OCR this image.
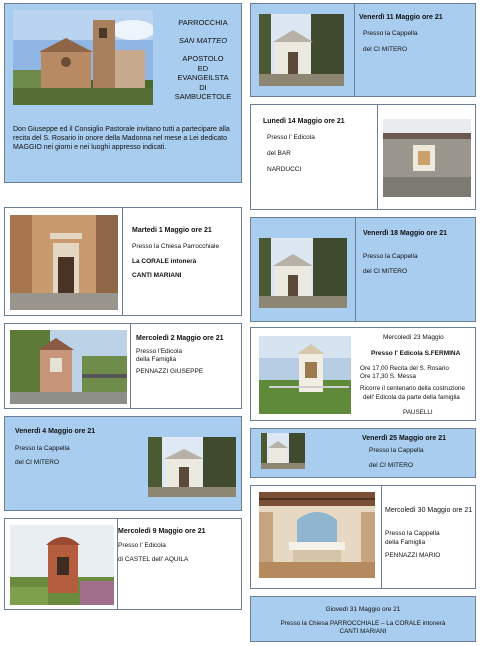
PARROCCHIA
SAN MATTEO
APOSTOLO
ED
EVANGEILSTA
DI
SAMBUCETOLE
Don Giuseppe ed il Consiglio Pastorale invitano tutti a partecipare alla recita del S. Rosario in onore della Madonna nel mese a Lei dedicato MAGGIO nei giorni e nei luoghi appresso indicati.
Martedi 1 Maggio ore 21
Presso la Chiesa Parrocchiale
La CORALE intonerà
CANTI MARIANI
Mercoledì 2 Maggio ore 21
Presso l'Edicola
della Famiglia
PENNAZZI GIUSEPPE
Venerdì 4 Maggio ore 21
Presso la Cappella
del CI MITERO
Mercoledì 9 Maggio ore 21
Presso l' Edicola
di CASTEL dell' AQUILA
Venerdì 11 Maggio ore 21
Presso la Cappella
del CI MITERO
Lunedì 14 Maggio ore 21
Presso l' Edicola
del BAR
NARDUCCI
Venerdì 18 Maggio ore 21
Presso la Cappella
del CI MITERO
Mercoledì 23 Maggio
Presso l' Edicola S.FERMINA
Ore 17,00 Recita del S. Rosario
Ore 17,30 S. Messa
Ricorre il centenario della costruzione
dell' Edicola da parte della famiglia
PAUSELLI
Venerdì 25 Maggio ore 21
Presso la Cappella
del CI MITERO
Mercoledì 30 Maggio ore 21
Presso la Cappella
della Famiglia
PENNAZZI MARIO
Giovedì 31 Maggio ore 21
Presso la Chiesa PARROCCHIALE – La CORALE intonerà
CANTI MARIANI
